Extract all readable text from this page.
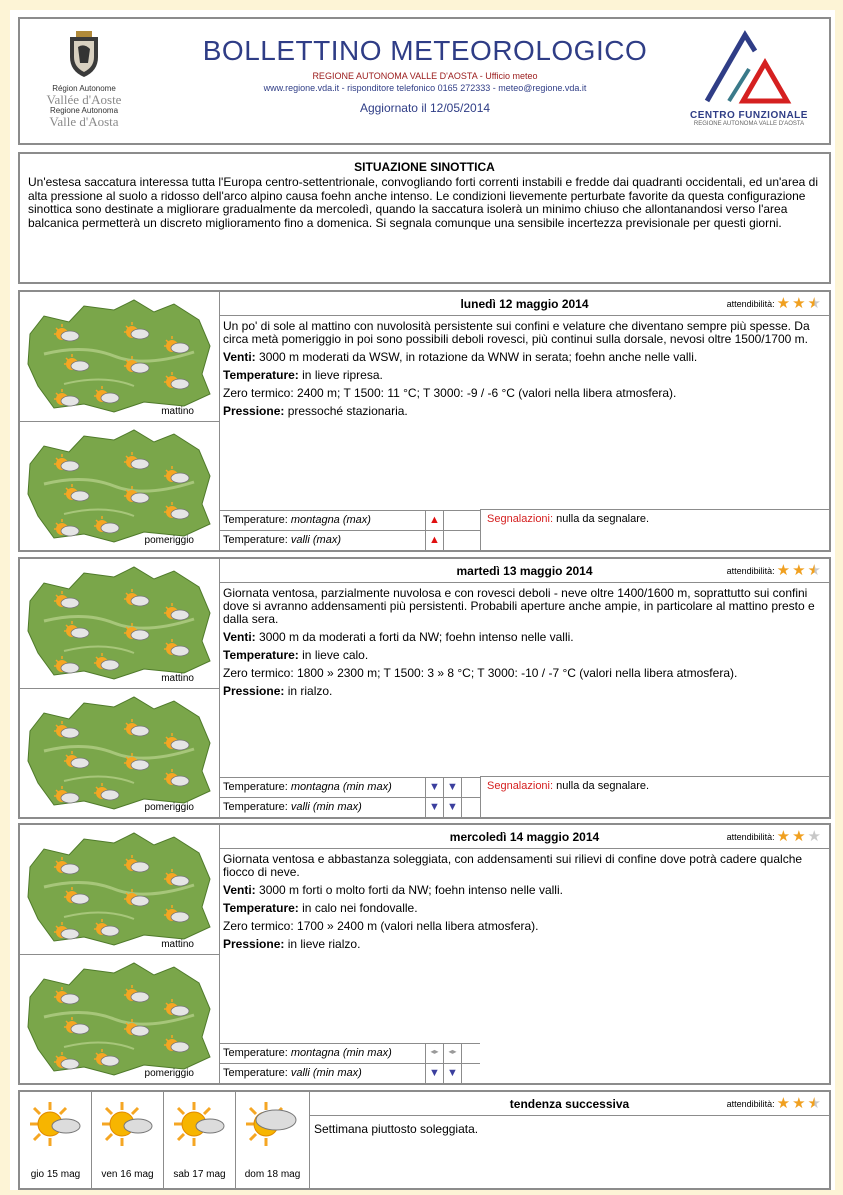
Région Autonome
Vallée d'Aoste
Regione Autonoma
Valle d'Aosta
BOLLETTINO METEOROLOGICO
REGIONE AUTONOMA VALLE D'AOSTA - Ufficio meteo
www.regione.vda.it - risponditore telefonico 0165 272333 - meteo@regione.vda.it
Aggiornato il 12/05/2014
CENTRO FUNZIONALE
REGIONE AUTONOMA VALLE D'AOSTA
SITUAZIONE SINOTTICA
Un'estesa saccatura interessa tutta l'Europa centro-settentrionale, convogliando forti correnti instabili e fredde dai quadranti occidentali, ed un'area di alta pressione al suolo a ridosso dell'arco alpino causa foehn anche intenso. Le condizioni lievemente perturbate favorite da questa configurazione sinottica sono destinate a migliorare gradualmente da mercoledì, quando la saccatura isolerà un minimo chiuso che allontanandosi verso l'area balcanica permetterà un discreto miglioramento fino a domenica. Si segnala comunque una sensibile incertezza previsionale per questi giorni.
mattino
pomeriggio
lunedì 12 maggio 2014	attendibilità: ★ ★ ★

Un po' di sole al mattino con nuvolosità persistente sui confini e velature che diventano sempre più spesse. Da circa metà pomeriggio in poi sono possibili deboli rovesci, più continui sulla dorsale, nevosi oltre 1500/1700 m.

Venti: 3000 m moderati da WSW, in rotazione da WNW in serata; foehn anche nelle valli.

Temperature: in lieve ripresa.

Zero termico: 2400 m; T 1500: 11 °C; T 3000: -9 / -6 °C (valori nella libera atmosfera).

Pressione: pressoché stazionaria.

Temperature: montagna (max)	▲
Temperature: valli (max)	▲
Segnalazioni: nulla da segnalare.
mattino
pomeriggio
martedì 13 maggio 2014	attendibilità: ★ ★ ★

Giornata ventosa, parzialmente nuvolosa e con rovesci deboli - neve oltre 1400/1600 m, soprattutto sui confini dove si avranno addensamenti più persistenti. Probabili aperture anche ampie, in particolare al mattino presto e dalla sera.

Venti: 3000 m da moderati a forti da NW; foehn intenso nelle valli.

Temperature: in lieve calo.

Zero termico: 1800 » 2300 m; T 1500: 3 » 8 °C; T 3000: -10 / -7 °C (valori nella libera atmosfera).

Pressione: in rialzo.

Temperature: montagna (min max)	▼ ▼
Temperature: valli (min max)	▼ ▼
Segnalazioni: nulla da segnalare.
mattino
pomeriggio
mercoledì 14 maggio 2014	attendibilità: ★ ★ ★

Giornata ventosa e abbastanza soleggiata, con addensamenti sui rilievi di confine dove potrà cadere qualche fiocco di neve.

Venti: 3000 m forti o molto forti da NW; foehn intenso nelle valli.

Temperature: in calo nei fondovalle.

Zero termico: 1700 » 2400 m (valori nella libera atmosfera).

Pressione: in lieve rialzo.

Temperature: montagna (min max)	◂▸	◂▸
Temperature: valli (min max)	▼ ▼
gio 15 mag	ven 16 mag	sab 17 mag	dom 18 mag
tendenza successiva	attendibilità: ★ ★ ★
Settimana piuttosto soleggiata.
